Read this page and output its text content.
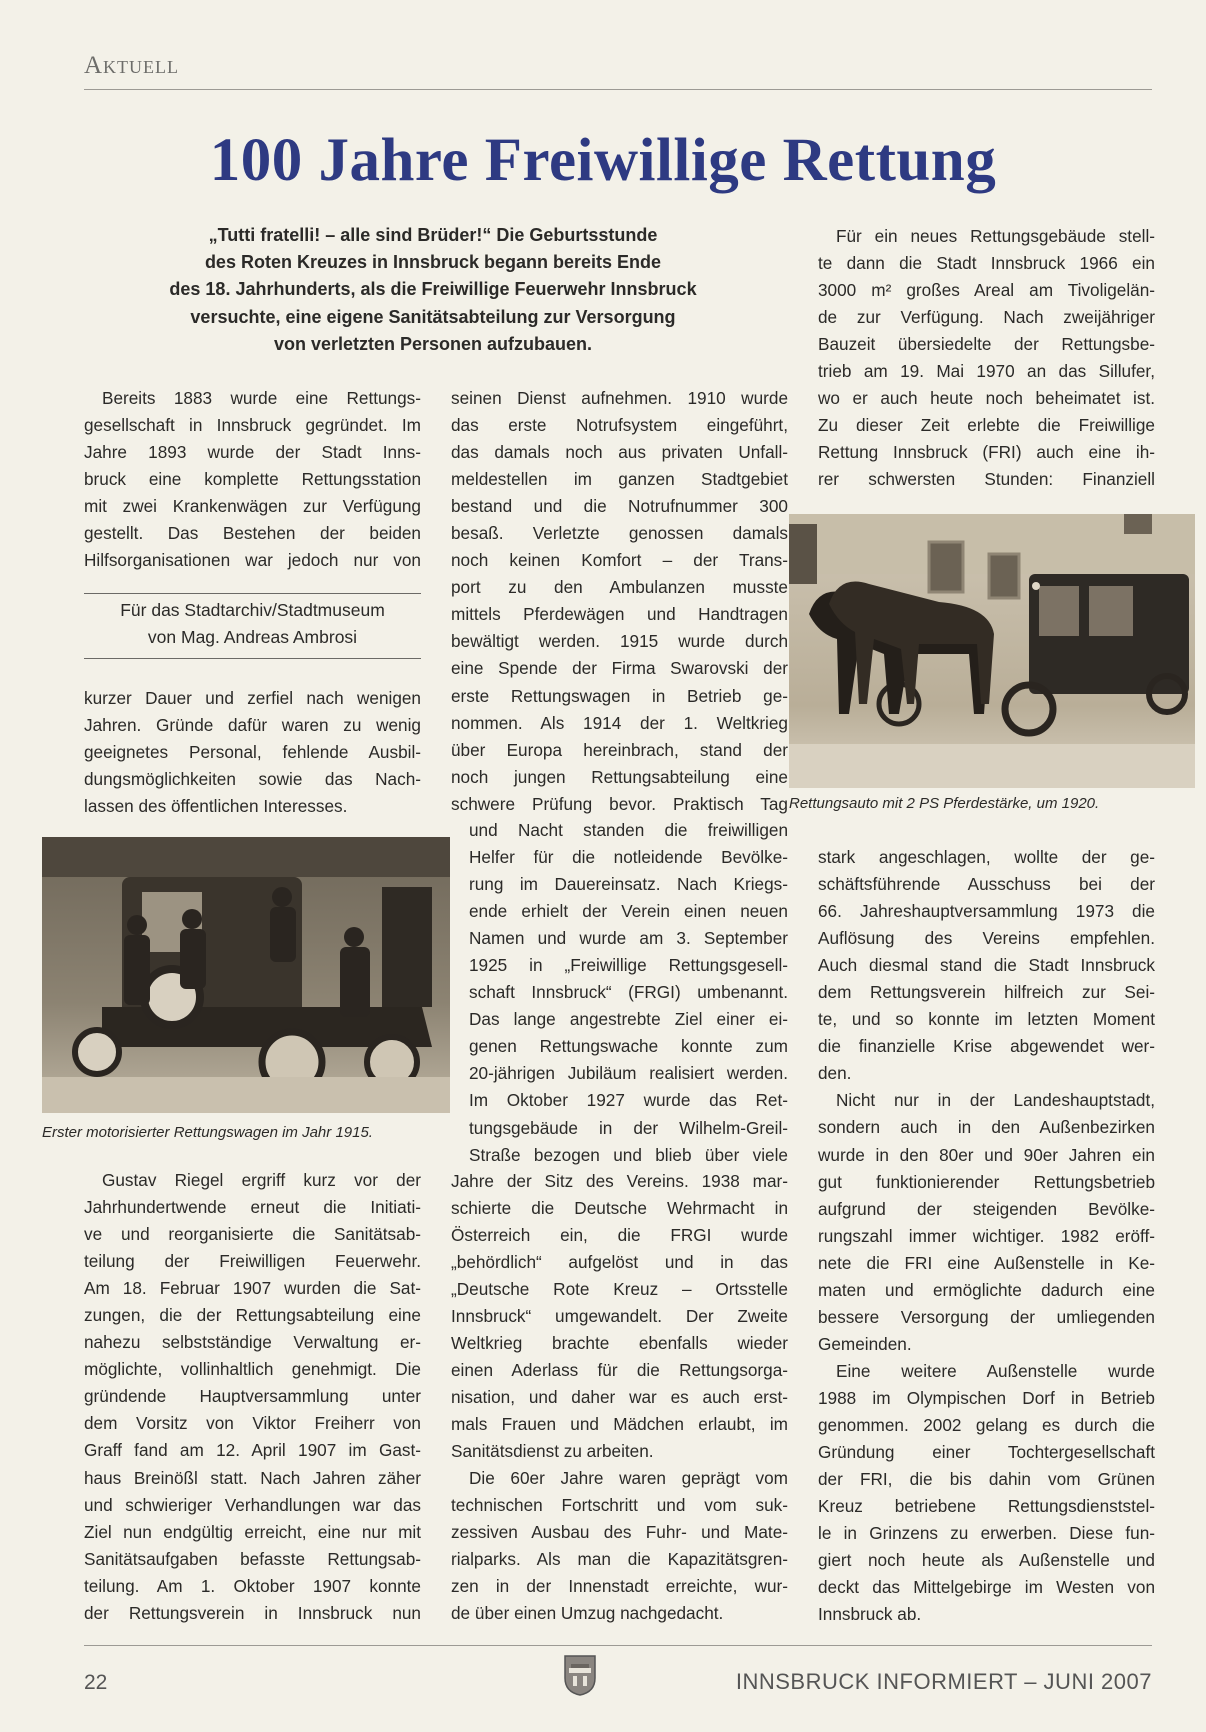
Aktuell
100 Jahre Freiwillige Rettung
„Tutti fratelli! – alle sind Brüder!“ Die Geburtsstunde
des Roten Kreuzes in Innsbruck begann bereits Ende
des 18. Jahrhunderts, als die Freiwillige Feuerwehr Innsbruck
versuchte, eine eigene Sanitätsabteilung zur Versorgung
von verletzten Personen aufzubauen.
Bereits 1883 wurde eine Rettungs-
gesellschaft in Innsbruck gegründet. Im
Jahre 1893 wurde der Stadt Inns-
bruck eine komplette Rettungsstation
mit zwei Krankenwägen zur Verfügung
gestellt. Das Bestehen der beiden
Hilfsorganisationen war jedoch nur von
Für das Stadtarchiv/Stadtmuseum
von Mag. Andreas Ambrosi
kurzer Dauer und zerfiel nach wenigen
Jahren. Gründe dafür waren zu wenig
geeignetes Personal, fehlende Ausbil-
dungsmöglichkeiten sowie das Nach-
lassen des öffentlichen Interesses.
Gustav Riegel ergriff kurz vor der
Jahrhundertwende erneut die Initiati-
ve und reorganisierte die Sanitätsab-
teilung der Freiwilligen Feuerwehr.
Am 18. Februar 1907 wurden die Sat-
zungen, die der Rettungsabteilung eine
nahezu selbstständige Verwaltung er-
möglichte, vollinhaltlich genehmigt. Die
gründende Hauptversammlung unter
dem Vorsitz von Viktor Freiherr von
Graff fand am 12. April 1907 im Gast-
haus Breinößl statt. Nach Jahren zäher
und schwieriger Verhandlungen war das
Ziel nun endgültig erreicht, eine nur mit
Sanitätsaufgaben befasste Rettungsab-
teilung. Am 1. Oktober 1907 konnte
der Rettungsverein in Innsbruck nun
seinen Dienst aufnehmen. 1910 wurde
das erste Notrufsystem eingeführt,
das damals noch aus privaten Unfall-
meldestellen im ganzen Stadtgebiet
bestand und die Notrufnummer 300
besaß. Verletzte genossen damals
noch keinen Komfort – der Trans-
port zu den Ambulanzen musste
mittels Pferdewägen und Handtragen
bewältigt werden. 1915 wurde durch
eine Spende der Firma Swarovski der
erste Rettungswagen in Betrieb ge-
nommen. Als 1914 der 1. Weltkrieg
über Europa hereinbrach, stand der
noch jungen Rettungsabteilung eine
schwere Prüfung bevor. Praktisch Tag
und Nacht standen die freiwilligen
Helfer für die notleidende Bevölke-
rung im Dauereinsatz. Nach Kriegs-
ende erhielt der Verein einen neuen
Namen und wurde am 3. September
1925 in „Freiwillige Rettungsgesell-
schaft Innsbruck“ (FRGI) umbenannt.
Das lange angestrebte Ziel einer ei-
genen Rettungswache konnte zum
20-jährigen Jubiläum realisiert werden.
Im Oktober 1927 wurde das Ret-
tungsgebäude in der Wilhelm-Greil-
Straße bezogen und blieb über viele
Jahre der Sitz des Vereins. 1938 mar-
schierte die Deutsche Wehrmacht in
Österreich ein, die FRGI wurde
„behördlich“ aufgelöst und in das
„Deutsche Rote Kreuz – Ortsstelle
Innsbruck“ umgewandelt. Der Zweite
Weltkrieg brachte ebenfalls wieder
einen Aderlass für die Rettungsorga-
nisation, und daher war es auch erst-
mals Frauen und Mädchen erlaubt, im
Sanitätsdienst zu arbeiten.
Die 60er Jahre waren geprägt vom
technischen Fortschritt und vom suk-
zessiven Ausbau des Fuhr- und Mate-
rialparks. Als man die Kapazitätsgren-
zen in der Innenstadt erreichte, wur-
de über einen Umzug nachgedacht.
Für ein neues Rettungsgebäude stell-
te dann die Stadt Innsbruck 1966 ein
3000 m² großes Areal am Tivoligelän-
de zur Verfügung. Nach zweijähriger
Bauzeit übersiedelte der Rettungsbe-
trieb am 19. Mai 1970 an das Sillufer,
wo er auch heute noch beheimatet ist.
Zu dieser Zeit erlebte die Freiwillige
Rettung Innsbruck (FRI) auch eine ih-
rer schwersten Stunden: Finanziell
stark angeschlagen, wollte der ge-
schäftsführende Ausschuss bei der
66. Jahreshauptversammlung 1973 die
Auflösung des Vereins empfehlen.
Auch diesmal stand die Stadt Innsbruck
dem Rettungsverein hilfreich zur Sei-
te, und so konnte im letzten Moment
die finanzielle Krise abgewendet wer-
den.
Nicht nur in der Landeshauptstadt,
sondern auch in den Außenbezirken
wurde in den 80er und 90er Jahren ein
gut funktionierender Rettungsbetrieb
aufgrund der steigenden Bevölke-
rungszahl immer wichtiger. 1982 eröff-
nete die FRI eine Außenstelle in Ke-
maten und ermöglichte dadurch eine
bessere Versorgung der umliegenden
Gemeinden.
Eine weitere Außenstelle wurde
1988 im Olympischen Dorf in Betrieb
genommen. 2002 gelang es durch die
Gründung einer Tochtergesellschaft
der FRI, die bis dahin vom Grünen
Kreuz betriebene Rettungsdienststel-
le in Grinzens zu erwerben. Diese fun-
giert noch heute als Außenstelle und
deckt das Mittelgebirge im Westen von
Innsbruck ab.
Rettungsauto mit 2 PS Pferdestärke, um 1920.
Erster motorisierter Rettungswagen im Jahr 1915.
22	INNSBRUCK INFORMIERT – JUNI 2007
